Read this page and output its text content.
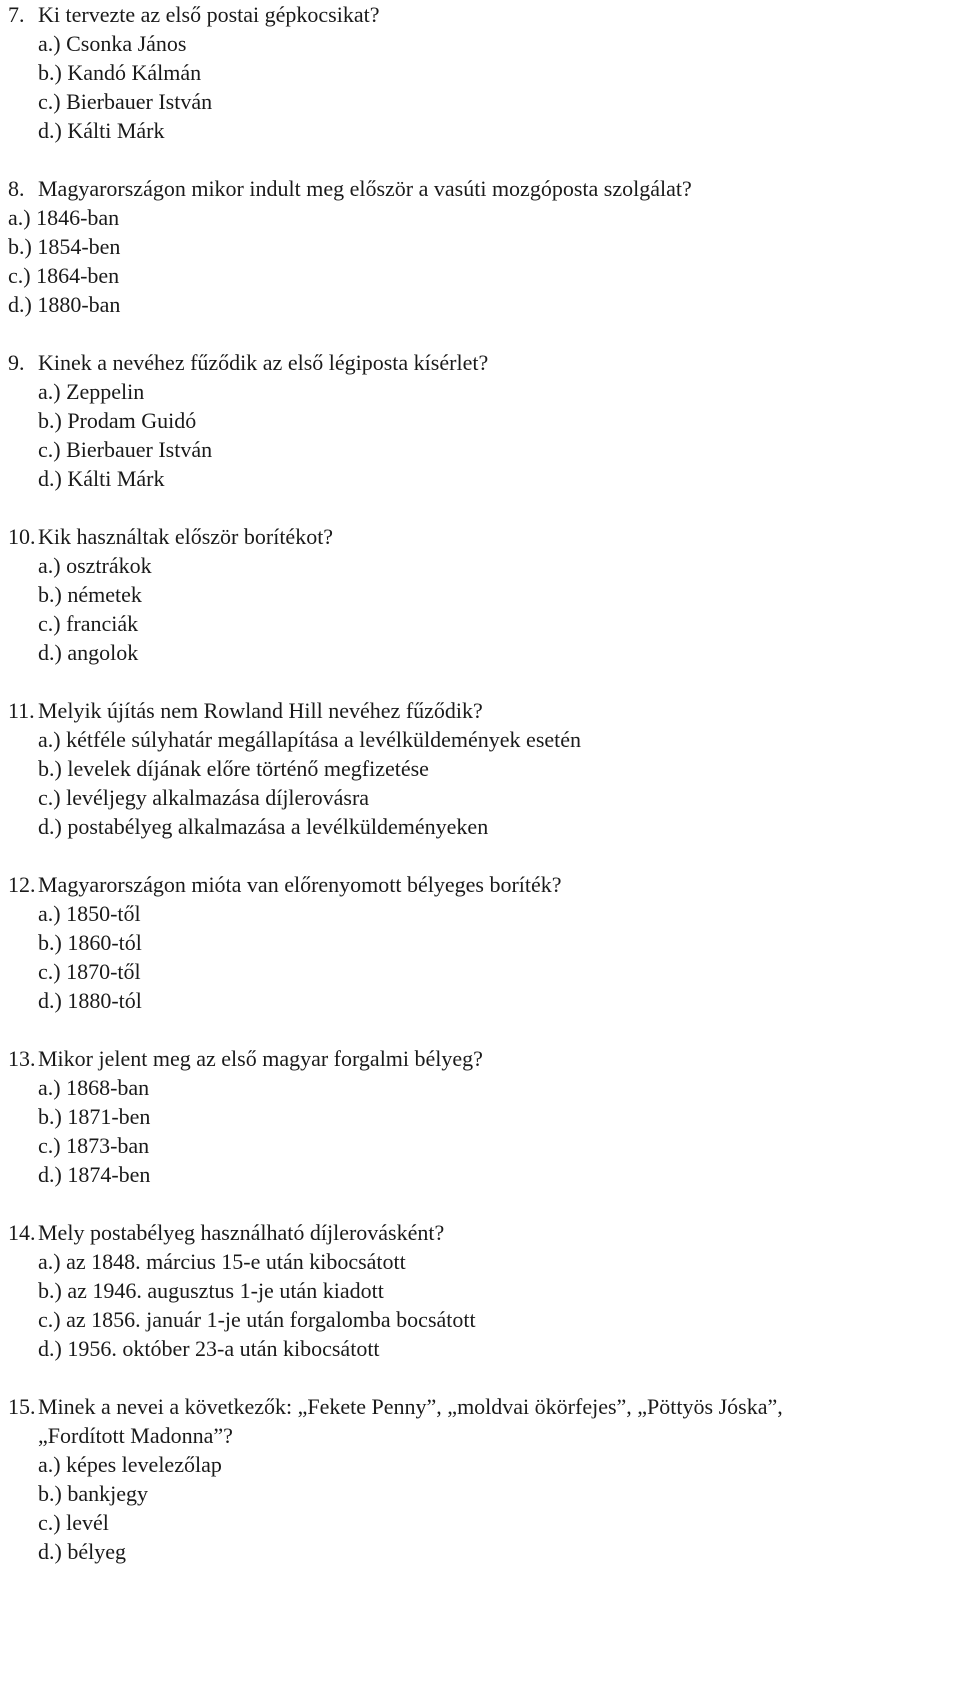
7. Ki tervezte az első postai gépkocsikat?
a.) Csonka János
b.) Kandó Kálmán
c.) Bierbauer István
d.) Kálti Márk
8. Magyarországon mikor indult meg először a vasúti mozgóposta szolgálat?
a.) 1846-ban
b.) 1854-ben
c.) 1864-ben
d.) 1880-ban
9. Kinek a nevéhez fűződik az első légiposta kísérlet?
a.) Zeppelin
b.) Prodam Guidó
c.) Bierbauer István
d.) Kálti Márk
10. Kik használtak először borítékot?
a.) osztrákok
b.) németek
c.) franciák
d.) angolok
11. Melyik újítás nem Rowland Hill nevéhez fűződik?
a.) kétféle súlyhatár megállapítása a levélküldemények esetén
b.) levelek díjának előre történő megfizetése
c.) levéljegy alkalmazása díjlerovásra
d.) postabélyeg alkalmazása a levélküldeményeken
12. Magyarországon mióta van előrenyomott bélyeges boríték?
a.) 1850-től
b.) 1860-tól
c.) 1870-től
d.) 1880-tól
13. Mikor jelent meg az első magyar forgalmi bélyeg?
a.) 1868-ban
b.) 1871-ben
c.) 1873-ban
d.) 1874-ben
14. Mely postabélyeg használható díjlerovásként?
a.) az 1848. március 15-e után kibocsátott
b.) az 1946. augusztus 1-je után kiadott
c.) az 1856. január 1-je után forgalomba bocsátott
d.) 1956. október 23-a után kibocsátott
15. Minek a nevei a következők: „Fekete Penny”, „moldvai ökörfejes”, „Pöttyös Jóska”,
„Fordított Madonna”?
a.) képes levelezőlap
b.) bankjegy
c.) levél
d.) bélyeg
